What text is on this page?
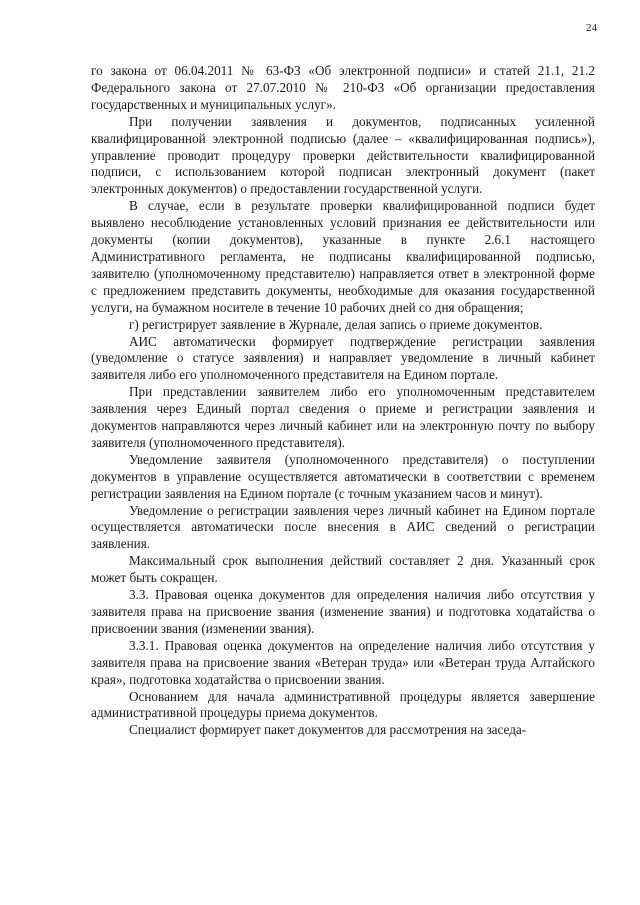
24

го закона от 06.04.2011 № 63-ФЗ «Об электронной подписи» и статей 21.1, 21.2 Федерального закона от 27.07.2010 № 210-ФЗ «Об организации предоставления государственных и муниципальных услуг».

При получении заявления и документов, подписанных усиленной квалифицированной электронной подписью (далее – «квалифицированная подпись»), управление проводит процедуру проверки действительности квалифицированной подписи, с использованием которой подписан электронный документ (пакет электронных документов) о предоставлении государственной услуги.

В случае, если в результате проверки квалифицированной подписи будет выявлено несоблюдение установленных условий признания ее действительности или документы (копии документов), указанные в пункте 2.6.1 настоящего Административного регламента, не подписаны квалифицированной подписью, заявителю (уполномоченному представителю) направляется ответ в электронной форме с предложением представить документы, необходимые для оказания государственной услуги, на бумажном носителе в течение 10 рабочих дней со дня обращения;

г) регистрирует заявление в Журнале, делая запись о приеме документов.

АИС автоматически формирует подтверждение регистрации заявления (уведомление о статусе заявления) и направляет уведомление в личный кабинет заявителя либо его уполномоченного представителя на Едином портале.

При представлении заявителем либо его уполномоченным представителем заявления через Единый портал сведения о приеме и регистрации заявления и документов направляются через личный кабинет или на электронную почту по выбору заявителя (уполномоченного представителя).

Уведомление заявителя (уполномоченного представителя) о поступлении документов в управление осуществляется автоматически в соответствии с временем регистрации заявления на Едином портале (с точным указанием часов и минут).

Уведомление о регистрации заявления через личный кабинет на Едином портале осуществляется автоматически после внесения в АИС сведений о регистрации заявления.

Максимальный срок выполнения действий составляет 2 дня. Указанный срок может быть сокращен.

3.3. Правовая оценка документов для определения наличия либо отсутствия у заявителя права на присвоение звания (изменение звания) и подготовка ходатайства о присвоении звания (изменении звания).

3.3.1. Правовая оценка документов на определение наличия либо отсутствия у заявителя права на присвоение звания «Ветеран труда» или «Ветеран труда Алтайского края», подготовка ходатайства о присвоении звания.

Основанием для начала административной процедуры является завершение административной процедуры приема документов.

Специалист формирует пакет документов для рассмотрения на заседа-
